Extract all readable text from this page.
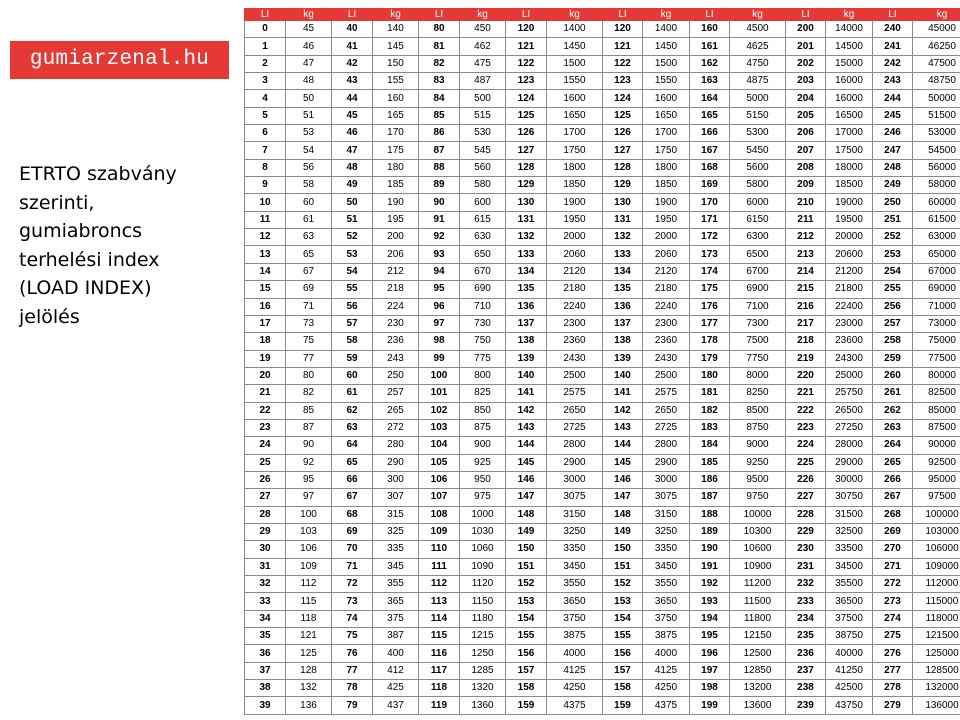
gumiarzenal.hu
ETRTO szabvány
szerinti,
gumiabroncs
terhelési index
(LOAD INDEX)
jelölés
LI	kg	LI	kg	LI	kg	LI	kg	LI	kg	LI	kg	LI	kg	LI	kg
0	45	40	140	80	450	120	1400	120	1400	160	4500	200	14000	240	45000
1	46	41	145	81	462	121	1450	121	1450	161	4625	201	14500	241	46250
2	47	42	150	82	475	122	1500	122	1500	162	4750	202	15000	242	47500
3	48	43	155	83	487	123	1550	123	1550	163	4875	203	16000	243	48750
4	50	44	160	84	500	124	1600	124	1600	164	5000	204	16000	244	50000
5	51	45	165	85	515	125	1650	125	1650	165	5150	205	16500	245	51500
6	53	46	170	86	530	126	1700	126	1700	166	5300	206	17000	246	53000
7	54	47	175	87	545	127	1750	127	1750	167	5450	207	17500	247	54500
8	56	48	180	88	560	128	1800	128	1800	168	5600	208	18000	248	56000
9	58	49	185	89	580	129	1850	129	1850	169	5800	209	18500	249	58000
10	60	50	190	90	600	130	1900	130	1900	170	6000	210	19000	250	60000
11	61	51	195	91	615	131	1950	131	1950	171	6150	211	19500	251	61500
12	63	52	200	92	630	132	2000	132	2000	172	6300	212	20000	252	63000
13	65	53	206	93	650	133	2060	133	2060	173	6500	213	20600	253	65000
14	67	54	212	94	670	134	2120	134	2120	174	6700	214	21200	254	67000
15	69	55	218	95	690	135	2180	135	2180	175	6900	215	21800	255	69000
16	71	56	224	96	710	136	2240	136	2240	176	7100	216	22400	256	71000
17	73	57	230	97	730	137	2300	137	2300	177	7300	217	23000	257	73000
18	75	58	236	98	750	138	2360	138	2360	178	7500	218	23600	258	75000
19	77	59	243	99	775	139	2430	139	2430	179	7750	219	24300	259	77500
20	80	60	250	100	800	140	2500	140	2500	180	8000	220	25000	260	80000
21	82	61	257	101	825	141	2575	141	2575	181	8250	221	25750	261	82500
22	85	62	265	102	850	142	2650	142	2650	182	8500	222	26500	262	85000
23	87	63	272	103	875	143	2725	143	2725	183	8750	223	27250	263	87500
24	90	64	280	104	900	144	2800	144	2800	184	9000	224	28000	264	90000
25	92	65	290	105	925	145	2900	145	2900	185	9250	225	29000	265	92500
26	95	66	300	106	950	146	3000	146	3000	186	9500	226	30000	266	95000
27	97	67	307	107	975	147	3075	147	3075	187	9750	227	30750	267	97500
28	100	68	315	108	1000	148	3150	148	3150	188	10000	228	31500	268	100000
29	103	69	325	109	1030	149	3250	149	3250	189	10300	229	32500	269	103000
30	106	70	335	110	1060	150	3350	150	3350	190	10600	230	33500	270	106000
31	109	71	345	111	1090	151	3450	151	3450	191	10900	231	34500	271	109000
32	112	72	355	112	1120	152	3550	152	3550	192	11200	232	35500	272	112000
33	115	73	365	113	1150	153	3650	153	3650	193	11500	233	36500	273	115000
34	118	74	375	114	1180	154	3750	154	3750	194	11800	234	37500	274	118000
35	121	75	387	115	1215	155	3875	155	3875	195	12150	235	38750	275	121500
36	125	76	400	116	1250	156	4000	156	4000	196	12500	236	40000	276	125000
37	128	77	412	117	1285	157	4125	157	4125	197	12850	237	41250	277	128500
38	132	78	425	118	1320	158	4250	158	4250	198	13200	238	42500	278	132000
39	136	79	437	119	1360	159	4375	159	4375	199	13600	239	43750	279	136000
